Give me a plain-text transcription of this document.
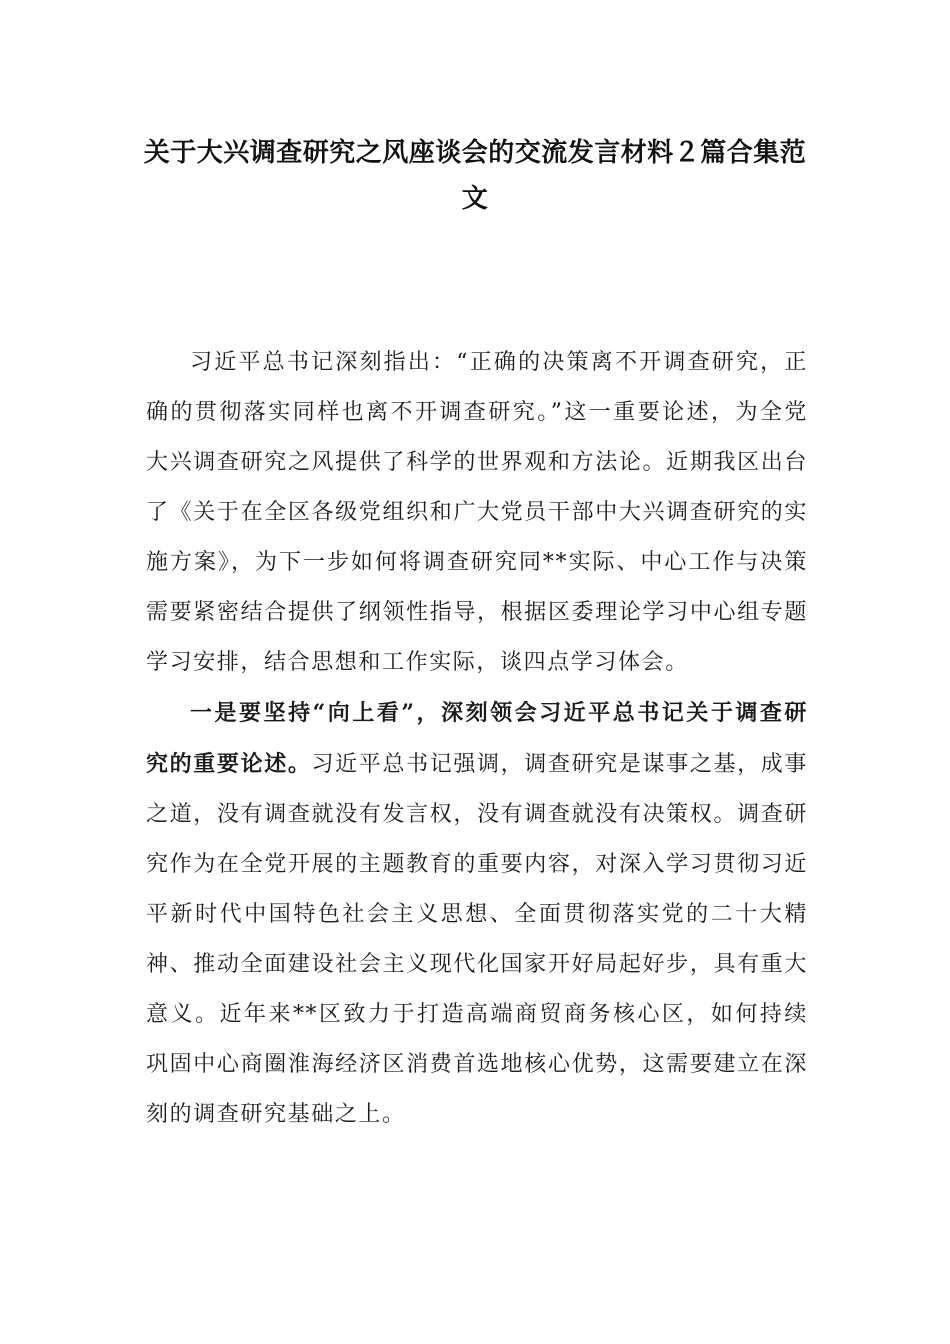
关于大兴调查研究之风座谈会的交流发言材料２篇合集范文

习近平总书记深刻指出：“正确的决策离不开调查研究，正确的贯彻落实同样也离不开调查研究。”这一重要论述，为全党大兴调查研究之风提供了科学的世界观和方法论。近期我区出台了《关于在全区各级党组织和广大党员干部中大兴调查研究的实施方案》，为下一步如何将调查研究同**实际、中心工作与决策需要紧密结合提供了纲领性指导，根据区委理论学习中心组专题学习安排，结合思想和工作实际，谈四点学习体会。

一是要坚持“向上看”，深刻领会习近平总书记关于调查研究的重要论述。习近平总书记强调，调查研究是谋事之基，成事之道，没有调查就没有发言权，没有调查就没有决策权。调查研究作为在全党开展的主题教育的重要内容，对深入学习贯彻习近平新时代中国特色社会主义思想、全面贯彻落实党的二十大精神、推动全面建设社会主义现代化国家开好局起好步，具有重大意义。近年来**区致力于打造高端商贸商务核心区，如何持续巩固中心商圈淮海经济区消费首选地核心优势，这需要建立在深刻的调查研究基础之上。
